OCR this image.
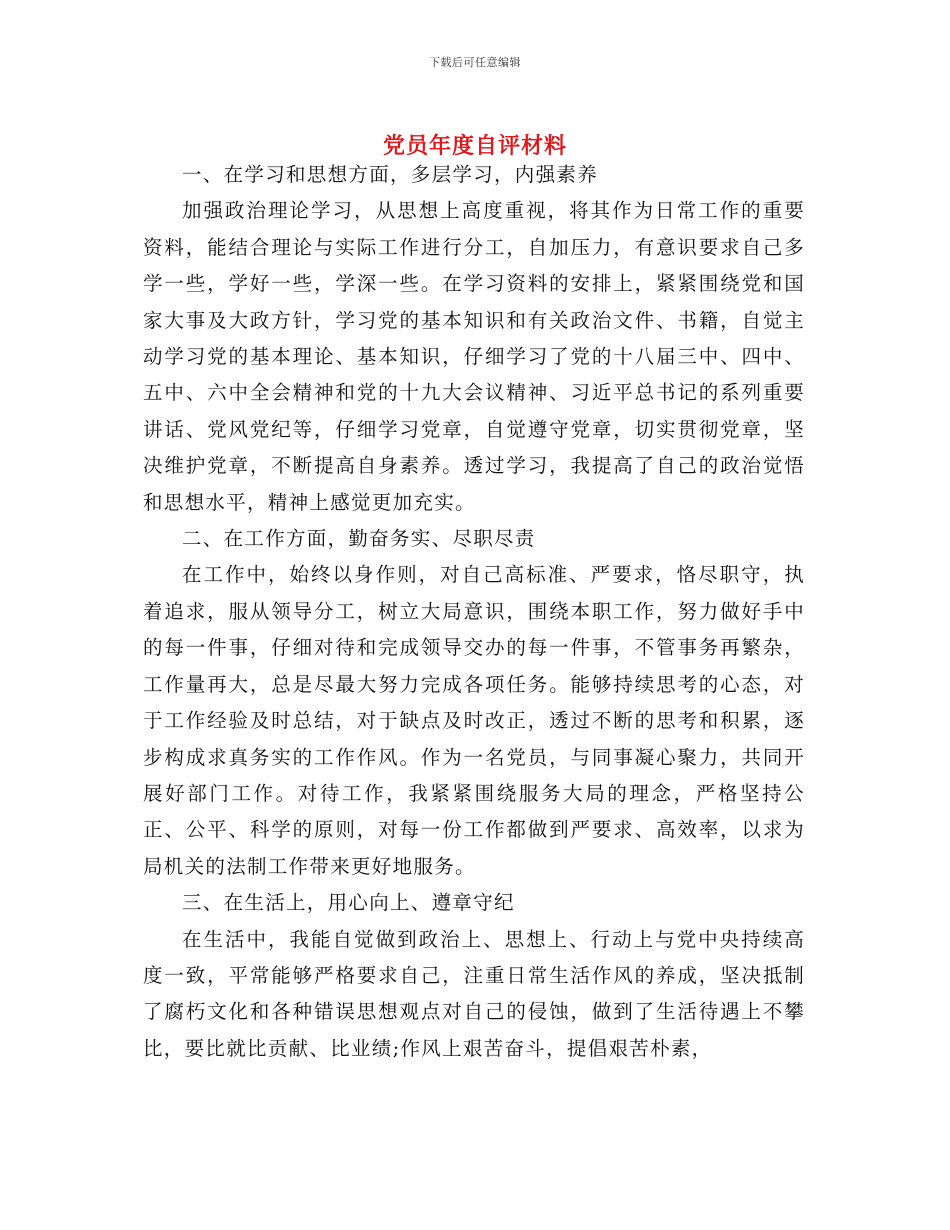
下载后可任意编辑
党员年度自评材料

一、在学习和思想方面，多层学习，内强素养

加强政治理论学习，从思想上高度重视，将其作为日常工作的重要资料，能结合理论与实际工作进行分工，自加压力，有意识要求自己多学一些，学好一些，学深一些。在学习资料的安排上，紧紧围绕党和国家大事及大政方针，学习党的基本知识和有关政治文件、书籍，自觉主动学习党的基本理论、基本知识，仔细学习了党的十八届三中、四中、五中、六中全会精神和党的十九大会议精神、习近平总书记的系列重要讲话、党风党纪等，仔细学习党章，自觉遵守党章，切实贯彻党章，坚决维护党章，不断提高自身素养。透过学习，我提高了自己的政治觉悟和思想水平，精神上感觉更加充实。

二、在工作方面，勤奋务实、尽职尽责

在工作中，始终以身作则，对自己高标准、严要求，恪尽职守，执着追求，服从领导分工，树立大局意识，围绕本职工作，努力做好手中的每一件事，仔细对待和完成领导交办的每一件事，不管事务再繁杂，工作量再大，总是尽最大努力完成各项任务。能够持续思考的心态，对于工作经验及时总结，对于缺点及时改正，透过不断的思考和积累，逐步构成求真务实的工作作风。作为一名党员，与同事凝心聚力，共同开展好部门工作。对待工作，我紧紧围绕服务大局的理念，严格坚持公正、公平、科学的原则，对每一份工作都做到严要求、高效率，以求为局机关的法制工作带来更好地服务。

三、在生活上，用心向上、遵章守纪

在生活中，我能自觉做到政治上、思想上、行动上与党中央持续高度一致，平常能够严格要求自己，注重日常生活作风的养成，坚决抵制了腐朽文化和各种错误思想观点对自己的侵蚀，做到了生活待遇上不攀比，要比就比贡献、比业绩;作风上艰苦奋斗，提倡艰苦朴素，
